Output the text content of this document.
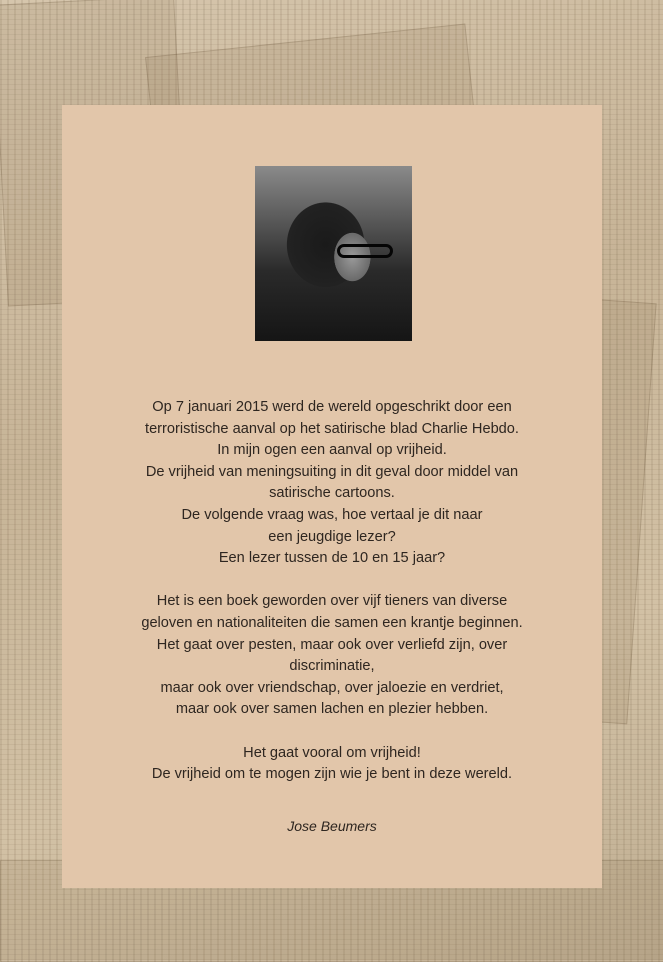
Op 7 januari 2015 werd de wereld opgeschrikt door een

terroristische aanval op het satirische blad Charlie Hebdo.

In mijn ogen een aanval op vrijheid.

De vrijheid van meningsuiting in dit geval door middel van

satirische cartoons.

De volgende vraag was, hoe vertaal je dit naar

een jeugdige lezer?

Een lezer tussen de 10 en 15 jaar?

Het is een boek geworden over vijf tieners van diverse

geloven en nationaliteiten die samen een krantje beginnen.

Het gaat over pesten, maar ook over verliefd zijn, over

discriminatie,

maar ook over vriendschap, over jaloezie en verdriet,

maar ook over samen lachen en plezier hebben.

Het gaat vooral om vrijheid!

De vrijheid om te mogen zijn wie je bent in deze wereld.

Jose Beumers
